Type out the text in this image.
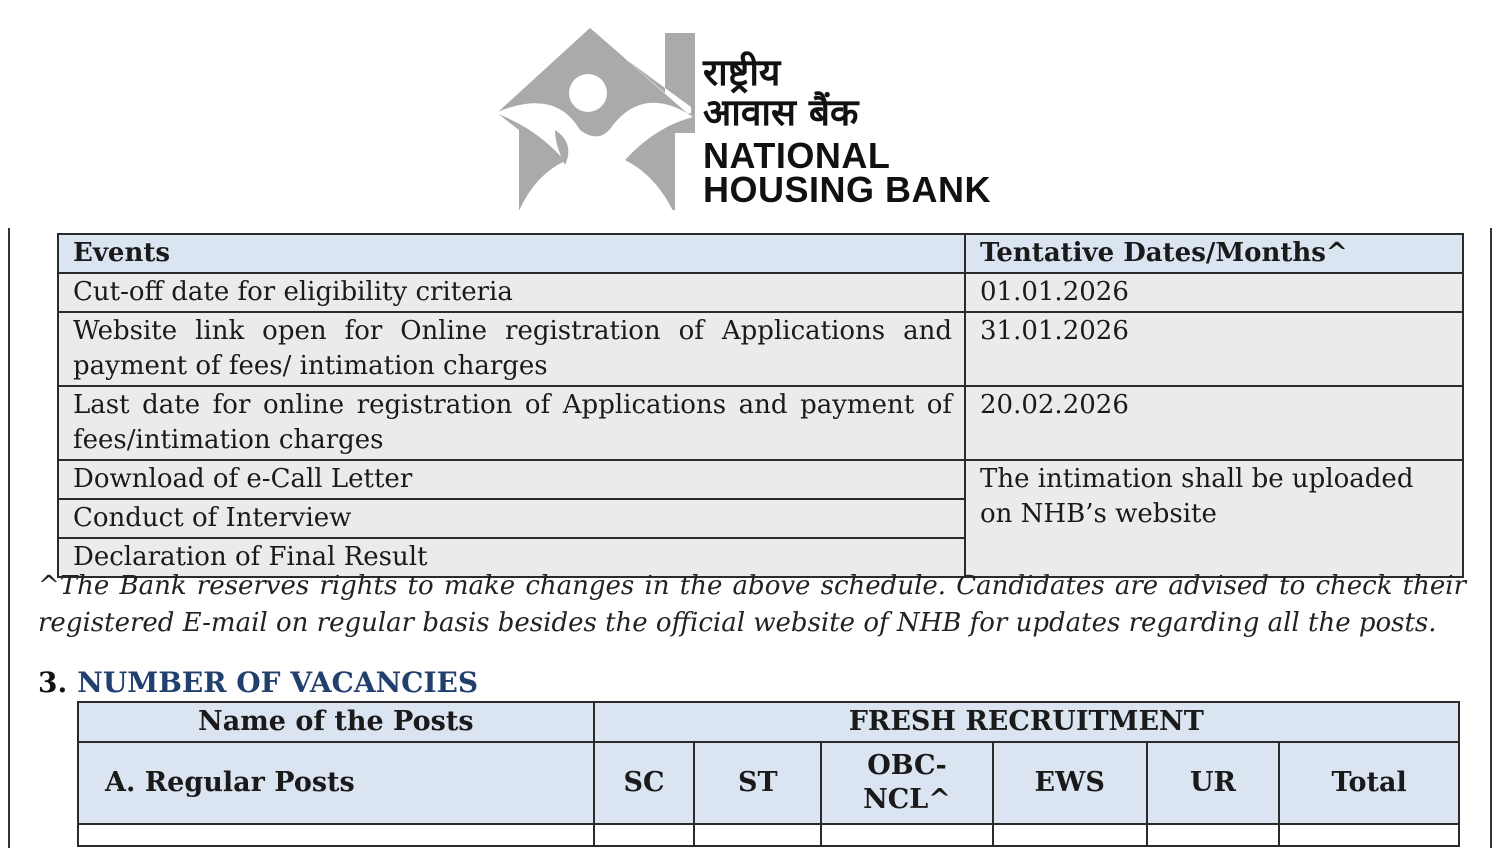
राष्ट्रीय
आवास बैंक
NATIONAL
HOUSING BANK
Events	Tentative Dates/Months^
Cut-off date for eligibility criteria	01.01.2026
Website link open for Online registration of Applications and payment of fees/ intimation charges	31.01.2026
Last date for online registration of Applications and payment of fees/intimation charges	20.02.2026
Download of e-Call Letter	The intimation shall be uploaded on NHB’s website
Conduct of Interview	
Declaration of Final Result	
^The Bank reserves rights to make changes in the above schedule. Candidates are advised to check their registered E-mail on regular basis besides the official website of NHB for updates regarding all the posts.
3. NUMBER OF VACANCIES
Name of the Posts	FRESH RECRUITMENT					
A. Regular Posts	SC	ST	OBC-NCL^	EWS	UR	Total
